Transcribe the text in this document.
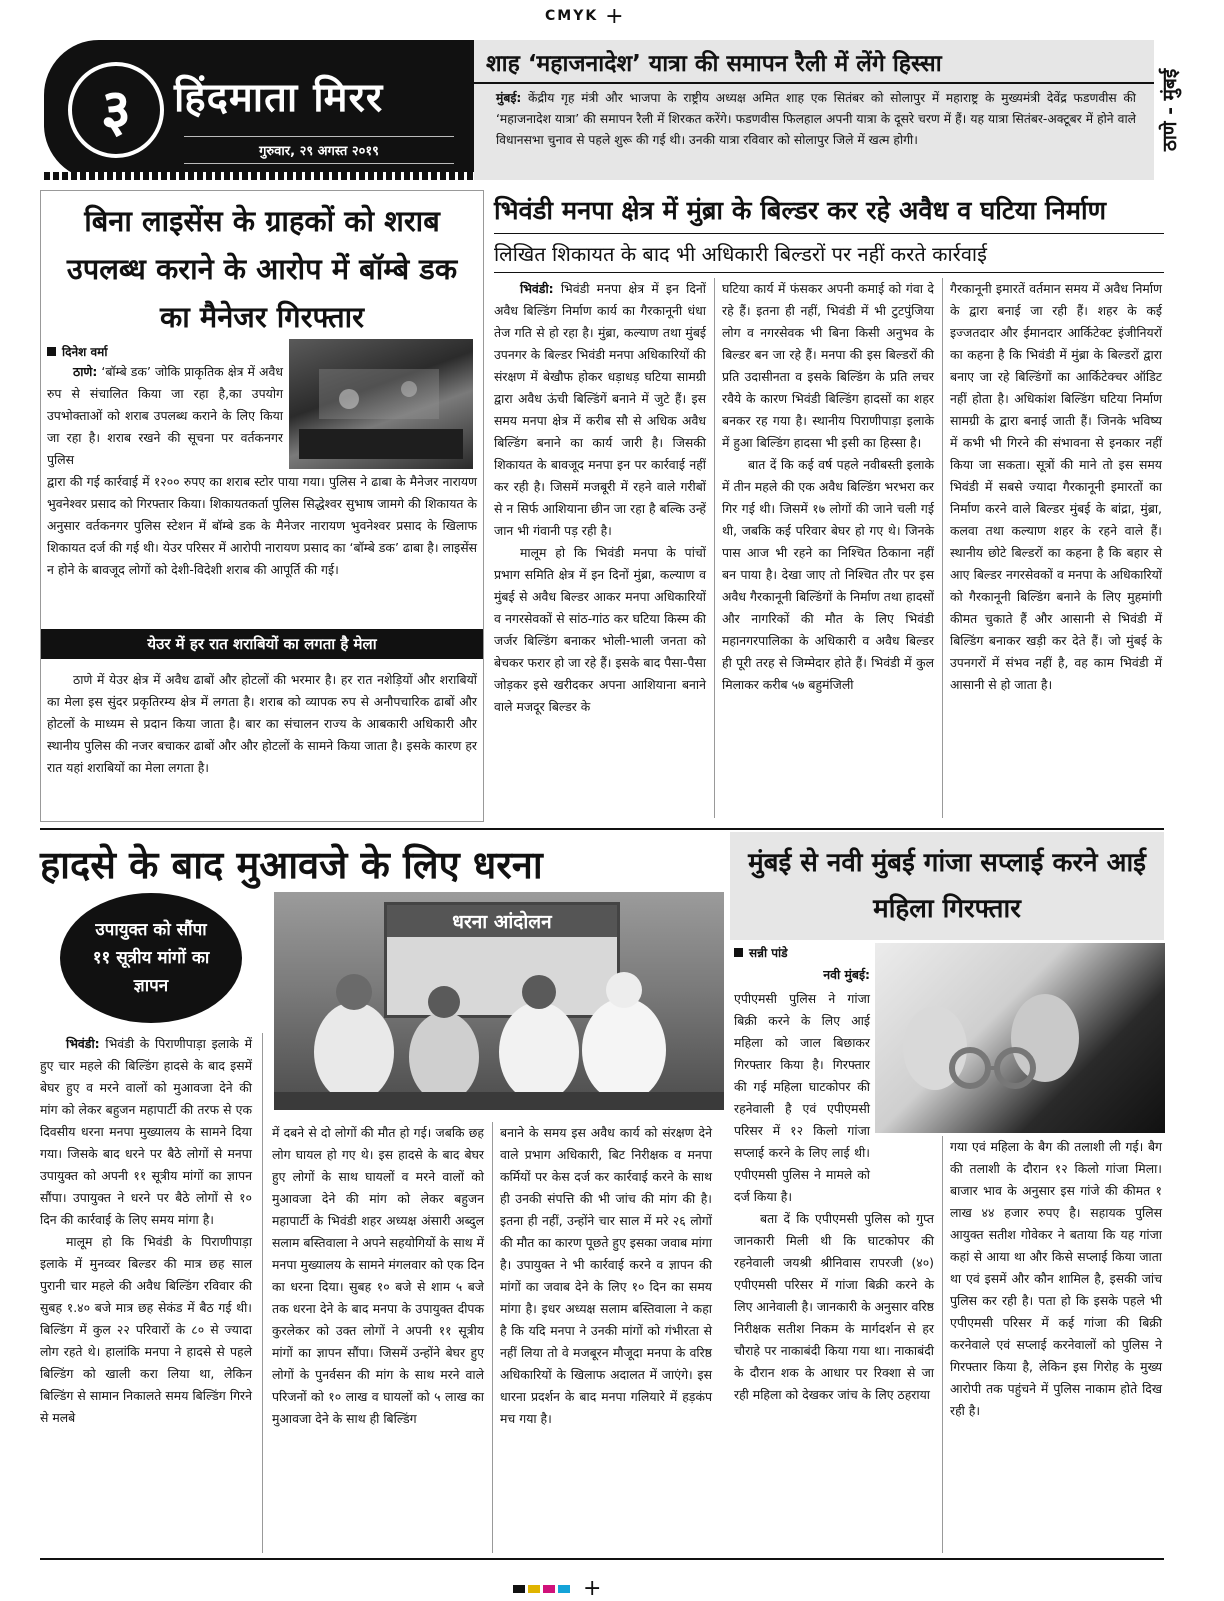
CMYK +
३ हिंदमाता मिरर
गुरुवार, २९ अगस्त २०१९
शाह ‘महाजनादेश’ यात्रा की समापन रैली में लेंगे हिस्सा
मुंबई: केंद्रीय गृह मंत्री और भाजपा के राष्ट्रीय अध्यक्ष अमित शाह एक सितंबर को सोलापुर में महाराष्ट्र के मुख्यमंत्री देवेंद्र फडणवीस की ‘महाजनादेश यात्रा’ की समापन रैली में शिरकत करेंगे। फडणवीस फिलहाल अपनी यात्रा के दूसरे चरण में हैं। यह यात्रा सितंबर-अक्टूबर में होने वाले विधानसभा चुनाव से पहले शुरू की गई थी। उनकी यात्रा रविवार को सोलापुर जिले में खत्म होगी।	ठाणे - मुंबई
बिना लाइसेंस के ग्राहकों को शराब उपलब्ध कराने के आरोप में बॉम्बे डक का मैनेजर गिरफ्तार
दिनेश वर्मा

ठाणे: ‘बॉम्बे डक’ जोकि प्राकृतिक क्षेत्र में अवैध रुप से संचालित किया जा रहा है,का उपयोग उपभोक्ताओं को शराब उपलब्ध कराने के लिए किया जा रहा है। शराब रखने की सूचना पर वर्तकनगर पुलिस

द्वारा की गई कार्रवाई में १२०० रुपए का शराब स्टोर पाया गया। पुलिस ने ढाबा के मैनेजर नारायण भुवनेश्वर प्रसाद को गिरफ्तार किया। शिकायतकर्ता पुलिस सिद्धेश्वर सुभाष जामगे की शिकायत के अनुसार वर्तकनगर पुलिस स्टेशन में बॉम्बे डक के मैनेजर नारायण भुवनेश्वर प्रसाद के खिलाफ शिकायत दर्ज की गई थी। येउर परिसर में आरोपी नारायण प्रसाद का ‘बॉम्बे डक’ ढाबा है। लाइसेंस न होने के बावजूद लोगों को देशी-विदेशी शराब की आपूर्ति की गई।

येउर में हर रात शराबियों का लगता है मेला

ठाणे में येउर क्षेत्र में अवैध ढाबों और होटलों की भरमार है। हर रात नशेड़ियों और शराबियों का मेला इस सुंदर प्रकृतिरम्य क्षेत्र में लगता है। शराब को व्यापक रुप से अनौपचारिक ढाबों और होटलों के माध्यम से प्रदान किया जाता है। बार का संचालन राज्य के आबकारी अधिकारी और स्थानीय पुलिस की नजर बचाकर ढाबों और और होटलों के सामने किया जाता है। इसके कारण हर रात यहां शराबियों का मेला लगता है।

भिवंडी मनपा क्षेत्र में मुंब्रा के बिल्डर कर रहे अवैध व घटिया निर्माण
लिखित शिकायत के बाद भी अधिकारी बिल्डरों पर नहीं करते कार्रवाई

भिवंडी: भिवंडी मनपा क्षेत्र में इन दिनों अवैध बिल्डिंग निर्माण कार्य का गैरकानूनी धंधा तेज गति से हो रहा है। मुंब्रा, कल्याण तथा मुंबई उपनगर के बिल्डर भिवंडी मनपा अधिकारियों की संरक्षण में बेखौफ होकर धड़ाधड़ घटिया सामग्री द्वारा अवैध ऊंची बिल्डिंगें बनाने में जुटे हैं। इस समय मनपा क्षेत्र में करीब सौ से अधिक अवैध बिल्डिंग बनाने का कार्य जारी है। जिसकी शिकायत के बावजूद मनपा इन पर कार्रवाई नहीं कर रही है। जिसमें मजबूरी में रहने वाले गरीबों से न सिर्फ आशियाना छीन जा रहा है बल्कि उन्हें जान भी गंवानी पड़ रही है।

मालूम हो कि भिवंडी मनपा के पांचों प्रभाग समिति क्षेत्र में इन दिनों मुंब्रा, कल्याण व मुंबई से अवैध बिल्डर आकर मनपा अधिकारियों व नगरसेवकों से सांठ-गांठ कर घटिया किस्म की जर्जर बिल्डिंग बनाकर भोली-भाली जनता को बेचकर फरार हो जा रहे हैं। इसके बाद पैसा-पैसा जोड़कर इसे खरीदकर अपना आशियाना बनाने वाले मजदूर बिल्डर के

घटिया कार्य में फंसकर अपनी कमाई को गंवा दे रहे हैं। इतना ही नहीं, भिवंडी में भी टुटपुंजिया लोग व नगरसेवक भी बिना किसी अनुभव के बिल्डर बन जा रहे हैं। मनपा की इस बिल्डरों की प्रति उदासीनता व इसके बिल्डिंग के प्रति लचर रवैये के कारण भिवंडी बिल्डिंग हादसों का शहर बनकर रह गया है। स्थानीय पिराणीपाड़ा इलाके में हुआ बिल्डिंग हादसा भी इसी का हिस्सा है।

बात दें कि कई वर्ष पहले नवीबस्ती इलाके में तीन महले की एक अवैध बिल्डिंग भरभरा कर गिर गई थी। जिसमें १७ लोगों की जाने चली गई थी, जबकि कई परिवार बेघर हो गए थे। जिनके पास आज भी रहने का निश्चित ठिकाना नहीं बन पाया है। देखा जाए तो निश्चित तौर पर इस अवैध गैरकानूनी बिल्डिंगों के निर्माण तथा हादसों और नागरिकों की मौत के लिए भिवंडी महानगरपालिका के अधिकारी व अवैध बिल्डर ही पूरी तरह से जिम्मेदार होते हैं। भिवंडी में कुल मिलाकर करीब ५७ बहुमंजिली

गैरकानूनी इमारतें वर्तमान समय में अवैध निर्माण के द्वारा बनाई जा रही हैं। शहर के कई इज्जतदार और ईमानदार आर्किटेक्ट इंजीनियरों का कहना है कि भिवंडी में मुंब्रा के बिल्डरों द्वारा बनाए जा रहे बिल्डिंगों का आर्किटेक्चर ऑडिट नहीं होता है। अधिकांश बिल्डिंग घटिया निर्माण सामग्री के द्वारा बनाई जाती हैं। जिनके भविष्य में कभी भी गिरने की संभावना से इनकार नहीं किया जा सकता। सूत्रों की माने तो इस समय भिवंडी में सबसे ज्यादा गैरकानूनी इमारतों का निर्माण करने वाले बिल्डर मुंबई के बांद्रा, मुंब्रा, कलवा तथा कल्याण शहर के रहने वाले हैं। स्थानीय छोटे बिल्डरों का कहना है कि बहार से आए बिल्डर नगरसेवकों व मनपा के अधिकारियों को गैरकानूनी बिल्डिंग बनाने के लिए मुहमांगी कीमत चुकाते हैं और आसानी से भिवंडी में बिल्डिंग बनाकर खड़ी कर देते हैं। जो मुंबई के उपनगरों में संभव नहीं है, वह काम भिवंडी में आसानी से हो जाता है।

हादसे के बाद मुआवजे के लिए धरना
उपायुक्त को सौंपा ११ सूत्रीय मांगों का ज्ञापन
धरना आंदोलन

भिवंडी: भिवंडी के पिराणीपाड़ा इलाके में हुए चार महले की बिल्डिंग हादसे के बाद इसमें बेघर हुए व मरने वालों को मुआवजा देने की मांग को लेकर बहुजन महापार्टी की तरफ से एक दिवसीय धरना मनपा मुख्यालय के सामने दिया गया। जिसके बाद धरने पर बैठे लोगों से मनपा उपायुक्त को अपनी ११ सूत्रीय मांगों का ज्ञापन सौंपा। उपायुक्त ने धरने पर बैठे लोगों से १० दिन की कार्रवाई के लिए समय मांगा है।

मालूम हो कि भिवंडी के पिराणीपाड़ा इलाके में मुनव्वर बिल्डर की मात्र छह साल पुरानी चार महले की अवैध बिल्डिंग रविवार की सुबह १.४० बजे मात्र छह सेकंड में बैठ गई थी। बिल्डिंग में कुल २२ परिवारों के ८० से ज्यादा लोग रहते थे। हालांकि मनपा ने हादसे से पहले बिल्डिंग को खाली करा लिया था, लेकिन बिल्डिंग से सामान निकालते समय बिल्डिंग गिरने से मलबे

में दबने से दो लोगों की मौत हो गई। जबकि छह लोग घायल हो गए थे। इस हादसे के बाद बेघर हुए लोगों के साथ घायलों व मरने वालों को मुआवजा देने की मांग को लेकर बहुजन महापार्टी के भिवंडी शहर अध्यक्ष अंसारी अब्दुल सलाम बस्तिवाला ने अपने सहयोगियों के साथ में मनपा मुख्यालय के सामने मंगलवार को एक दिन का धरना दिया। सुबह १० बजे से शाम ५ बजे तक धरना देने के बाद मनपा के उपायुक्त दीपक कुरलेकर को उक्त लोगों ने अपनी ११ सूत्रीय मांगों का ज्ञापन सौंपा। जिसमें उन्होंने बेघर हुए लोगों के पुनर्वसन की मांग के साथ मरने वाले परिजनों को १० लाख व घायलों को ५ लाख का मुआवजा देने के साथ ही बिल्डिंग

बनाने के समय इस अवैध कार्य को संरक्षण देने वाले प्रभाग अधिकारी, बिट निरीक्षक व मनपा कर्मियों पर केस दर्ज कर कार्रवाई करने के साथ ही उनकी संपत्ति की भी जांच की मांग की है। इतना ही नहीं, उन्होंने चार साल में मरे २६ लोगों की मौत का कारण पूछते हुए इसका जवाब मांगा है। उपायुक्त ने भी कार्रवाई करने व ज्ञापन की मांगों का जवाब देने के लिए १० दिन का समय मांगा है। इधर अध्यक्ष सलाम बस्तिवाला ने कहा है कि यदि मनपा ने उनकी मांगों को गंभीरता से नहीं लिया तो वे मजबूरन मौजूदा मनपा के वरिष्ठ अधिकारियों के खिलाफ अदालत में जाएंगे। इस धारना प्रदर्शन के बाद मनपा गलियारे में हड़कंप मच गया है।

मुंबई से नवी मुंबई गांजा सप्लाई करने आई महिला गिरफ्तार
सन्नी पांडे

नवी मुंबई:

एपीएमसी पुलिस ने गांजा बिक्री करने के लिए आई महिला को जाल बिछाकर गिरफ्तार किया है। गिरफ्तार की गई महिला घाटकोपर की रहनेवाली है एवं एपीएमसी परिसर में १२ किलो गांजा सप्लाई करने के लिए लाई थी। एपीएमसी पुलिस ने मामले को दर्ज किया है।

बता दें कि एपीएमसी पुलिस को गुप्त जानकारी मिली थी कि घाटकोपर की रहनेवाली जयश्री श्रीनिवास रापरजी (४०) एपीएमसी परिसर में गांजा बिक्री करने के लिए आनेवाली है। जानकारी के अनुसार वरिष्ठ निरीक्षक सतीश निकम के मार्गदर्शन से हर चौराहे पर नाकाबंदी किया गया था। नाकाबंदी के दौरान शक के आधार पर रिक्शा से जा रही महिला को देखकर जांच के लिए ठहराया

गया एवं महिला के बैग की तलाशी ली गई। बैग की तलाशी के दौरान १२ किलो गांजा मिला। बाजार भाव के अनुसार इस गांजे की कीमत १ लाख ४४ हजार रुपए है। सहायक पुलिस आयुक्त सतीश गोवेकर ने बताया कि यह गांजा कहां से आया था और किसे सप्लाई किया जाता था एवं इसमें और कौन शामिल है, इसकी जांच पुलिस कर रही है। पता हो कि इसके पहले भी एपीएमसी परिसर में कई गांजा की बिक्री करनेवाले एवं सप्लाई करनेवालों को पुलिस ने गिरफ्तार किया है, लेकिन इस गिरोह के मुख्य आरोपी तक पहुंचने में पुलिस नाकाम होते दिख रही है।

+
